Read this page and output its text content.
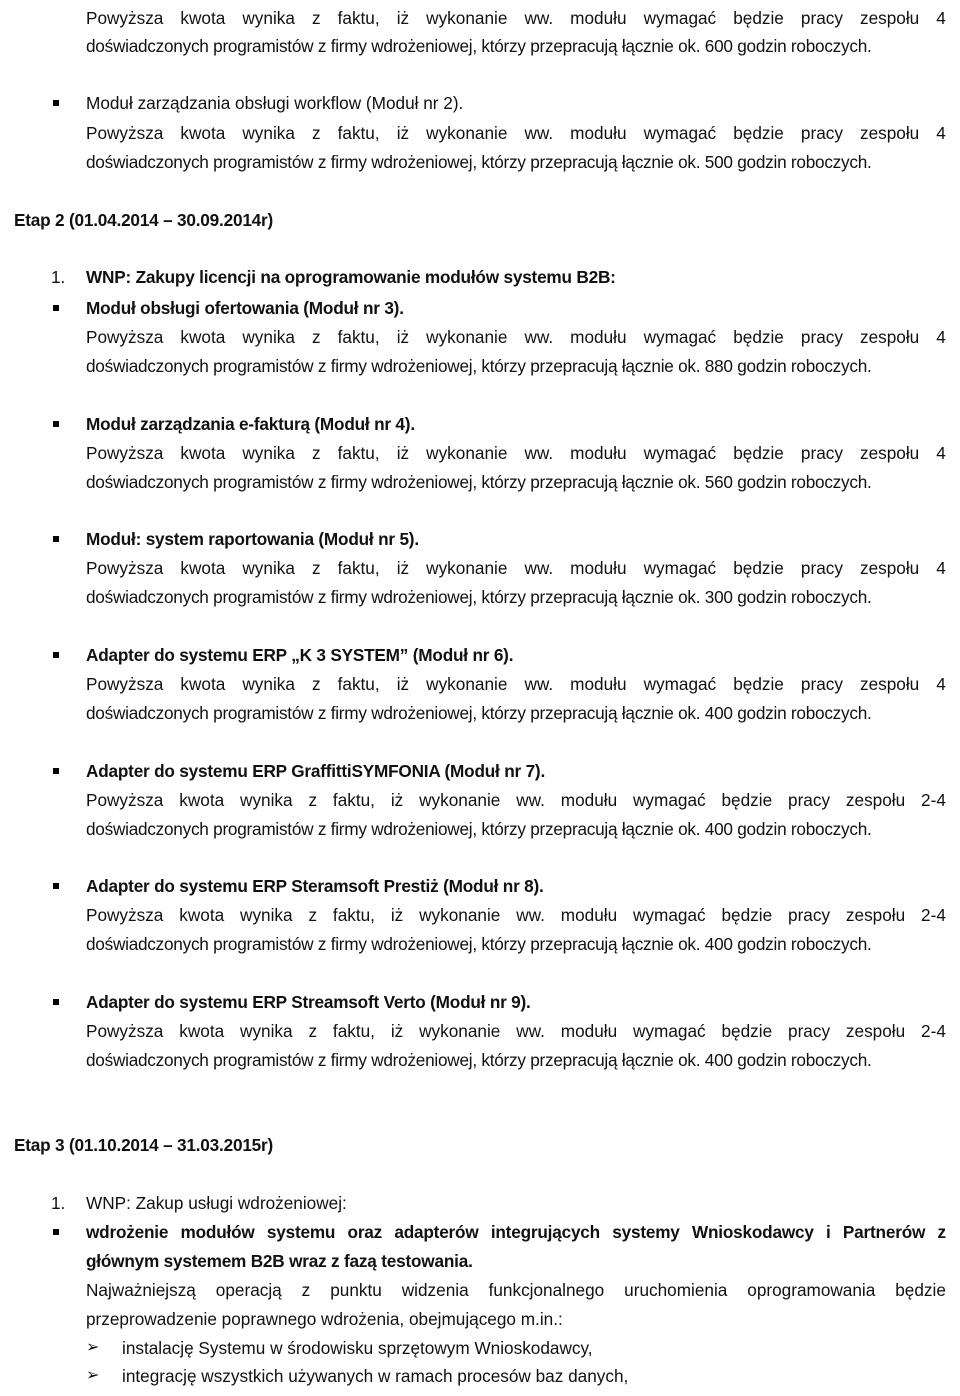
Powyższa kwota wynika z faktu, iż wykonanie ww. modułu wymagać będzie pracy zespołu 4
doświadczonych programistów z firmy wdrożeniowej, którzy przepracują łącznie ok. 600 godzin roboczych.
Moduł zarządzania obsługi workflow (Moduł nr 2).
Powyższa kwota wynika z faktu, iż wykonanie ww. modułu wymagać będzie pracy zespołu 4
doświadczonych programistów z firmy wdrożeniowej, którzy przepracują łącznie ok. 500 godzin roboczych.
Etap 2 (01.04.2014 – 30.09.2014r)
1. WNP: Zakupy licencji na oprogramowanie modułów systemu B2B:
Moduł obsługi ofertowania (Moduł nr 3).
Powyższa kwota wynika z faktu, iż wykonanie ww. modułu wymagać będzie pracy zespołu 4
doświadczonych programistów z firmy wdrożeniowej, którzy przepracują łącznie ok. 880 godzin roboczych.
Moduł zarządzania e-fakturą (Moduł nr 4).
Powyższa kwota wynika z faktu, iż wykonanie ww. modułu wymagać będzie pracy zespołu 4
doświadczonych programistów z firmy wdrożeniowej, którzy przepracują łącznie ok. 560 godzin roboczych.
Moduł: system raportowania (Moduł nr 5).
Powyższa kwota wynika z faktu, iż wykonanie ww. modułu wymagać będzie pracy zespołu 4
doświadczonych programistów z firmy wdrożeniowej, którzy przepracują łącznie ok. 300 godzin roboczych.
Adapter do systemu ERP „K 3 SYSTEM” (Moduł nr 6).
Powyższa kwota wynika z faktu, iż wykonanie ww. modułu wymagać będzie pracy zespołu 4
doświadczonych programistów z firmy wdrożeniowej, którzy przepracują łącznie ok. 400 godzin roboczych.
Adapter do systemu ERP GraffittiSYMFONIA (Moduł nr 7).
Powyższa kwota wynika z faktu, iż wykonanie ww. modułu wymagać będzie pracy zespołu 2-4
doświadczonych programistów z firmy wdrożeniowej, którzy przepracują łącznie ok. 400 godzin roboczych.
Adapter do systemu ERP Steramsoft Prestiż (Moduł nr 8).
Powyższa kwota wynika z faktu, iż wykonanie ww. modułu wymagać będzie pracy zespołu 2-4
doświadczonych programistów z firmy wdrożeniowej, którzy przepracują łącznie ok. 400 godzin roboczych.
Adapter do systemu ERP Streamsoft Verto (Moduł nr 9).
Powyższa kwota wynika z faktu, iż wykonanie ww. modułu wymagać będzie pracy zespołu 2-4
doświadczonych programistów z firmy wdrożeniowej, którzy przepracują łącznie ok. 400 godzin roboczych.
Etap 3 (01.10.2014 – 31.03.2015r)
1. WNP: Zakup usługi wdrożeniowej:
wdrożenie modułów systemu oraz adapterów integrujących systemy Wnioskodawcy i Partnerów z
głównym systemem B2B wraz z fazą testowania.
Najważniejszą operacją z punktu widzenia funkcjonalnego uruchomienia oprogramowania będzie
przeprowadzenie poprawnego wdrożenia, obejmującego m.in.:
➢ instalację Systemu w środowisku sprzętowym Wnioskodawcy,
➢ integrację wszystkich używanych w ramach procesów baz danych,
